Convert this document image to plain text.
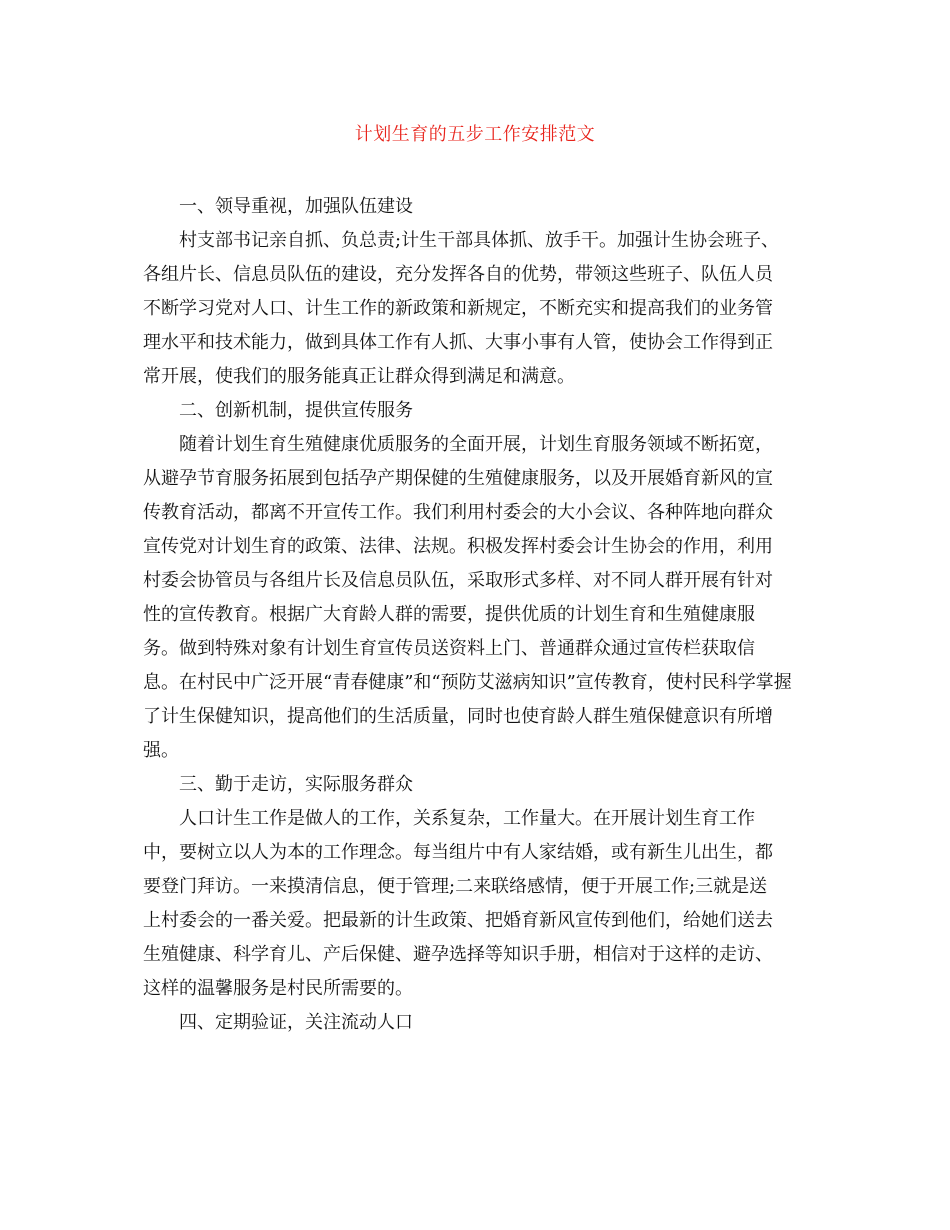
计划生育的五步工作安排范文
一、领导重视，加强队伍建设
村支部书记亲自抓、负总责;计生干部具体抓、放手干。加强计生协会班子、
各组片长、信息员队伍的建设，充分发挥各自的优势，带领这些班子、队伍人员
不断学习党对人口、计生工作的新政策和新规定，不断充实和提高我们的业务管
理水平和技术能力，做到具体工作有人抓、大事小事有人管，使协会工作得到正
常开展，使我们的服务能真正让群众得到满足和满意。
二、创新机制，提供宣传服务
随着计划生育生殖健康优质服务的全面开展，计划生育服务领域不断拓宽，
从避孕节育服务拓展到包括孕产期保健的生殖健康服务，以及开展婚育新风的宣
传教育活动，都离不开宣传工作。我们利用村委会的大小会议、各种阵地向群众
宣传党对计划生育的政策、法律、法规。积极发挥村委会计生协会的作用，利用
村委会协管员与各组片长及信息员队伍，采取形式多样、对不同人群开展有针对
性的宣传教育。根据广大育龄人群的需要，提供优质的计划生育和生殖健康服
务。做到特殊对象有计划生育宣传员送资料上门、普通群众通过宣传栏获取信
息。在村民中广泛开展“青春健康”和“预防艾滋病知识”宣传教育，使村民科学掌握
了计生保健知识，提高他们的生活质量，同时也使育龄人群生殖保健意识有所增
强。
三、勤于走访，实际服务群众
人口计生工作是做人的工作，关系复杂，工作量大。在开展计划生育工作
中，要树立以人为本的工作理念。每当组片中有人家结婚，或有新生儿出生，都
要登门拜访。一来摸清信息，便于管理;二来联络感情，便于开展工作;三就是送
上村委会的一番关爱。把最新的计生政策、把婚育新风宣传到他们，给她们送去
生殖健康、科学育儿、产后保健、避孕选择等知识手册，相信对于这样的走访、
这样的温馨服务是村民所需要的。
四、定期验证，关注流动人口
